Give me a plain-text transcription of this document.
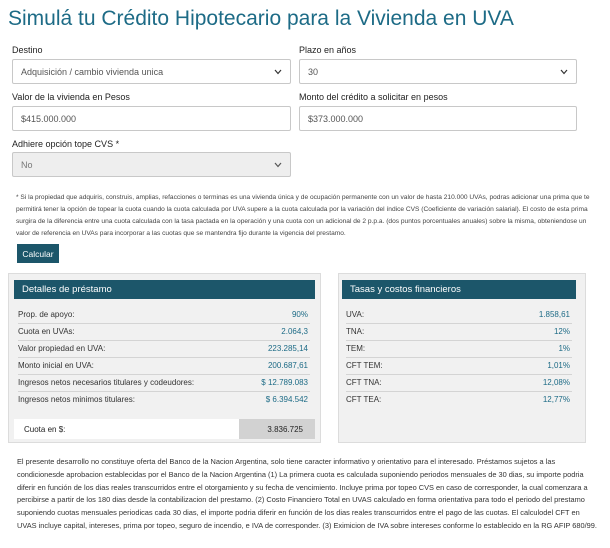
Simulá tu Crédito Hipotecario para la Vivienda en UVA
Destino
Adquisición / cambio vivienda unica
Plazo en años
30
Valor de la vivienda en Pesos
$415.000.000
Monto del crédito a solicitar en pesos
$373.000.000
Adhiere opción tope CVS *
No

* Si la propiedad que adquiris, construis, amplias, refacciones o terminas es una vivienda única y de ocupación permanente con un valor de hasta 210.000 UVAs, podras adicionar una prima que te permitirá tener la opción de topear la cuota cuando la cuota calculada por UVA supere a la cuota calculada por la variación del índice CVS (Coeficiente de variación salarial). El costo de esta prima surgira de la diferencia entre una cuota calculada con la tasa pactada en la operación y una cuota con un adicional de 2 p.p.a. (dos puntos porcentuales anuales) sobre la misma, obteniendose un valor de referencia en UVAs para incorporar a las cuotas que se mantendra fijo durante la vigencia del prestamo.

Calcular
Detalles de préstamo
Prop. de apoyo:	90%
Cuota en UVAs:	2.064,3
Valor propiedad en UVA:	223.285,14
Monto inicial en UVA:	200.687,61
Ingresos netos necesarios titulares y codeudores:	$ 12.789.083
Ingresos netos minimos titulares:	$ 6.394.542
Cuota en $:	3.836.725
Tasas y costos financieros
UVA:	1.858,61
TNA:	12%
TEM:	1%
CFT TEM:	1,01%
CFT TNA:	12,08%
CFT TEA:	12,77%

El presente desarrollo no constituye oferta del Banco de la Nacion Argentina, solo tiene caracter informativo y orientativo para el interesado. Préstamos sujetos a las condicionesde aprobacion establecidas por el Banco de la Nacion Argentina (1) La primera cuota es calculada suponiendo periodos mensuales de 30 dias, su importe podria diferir en función de los dias reales transcurridos entre el otorgamiento y su fecha de vencimiento. Incluye prima por topeo CVS en caso de corresponder, la cual comenzara a percibirse a partir de los 180 dias desde la contabilizacion del prestamo. (2) Costo Financiero Total en UVAS calculado en forma orientativa para todo el periodo del prestamo suponiendo cuotas mensuales periodicas cada 30 dias, el importe podria diferir en función de los dias reales transcurridos entre el pago de las cuotas. El calculodel CFT en UVAS incluye capital, intereses, prima por topeo, seguro de incendio, e IVA de corresponder. (3) Eximicion de IVA sobre intereses conforme lo establecido en la RG AFIP 680/99.
